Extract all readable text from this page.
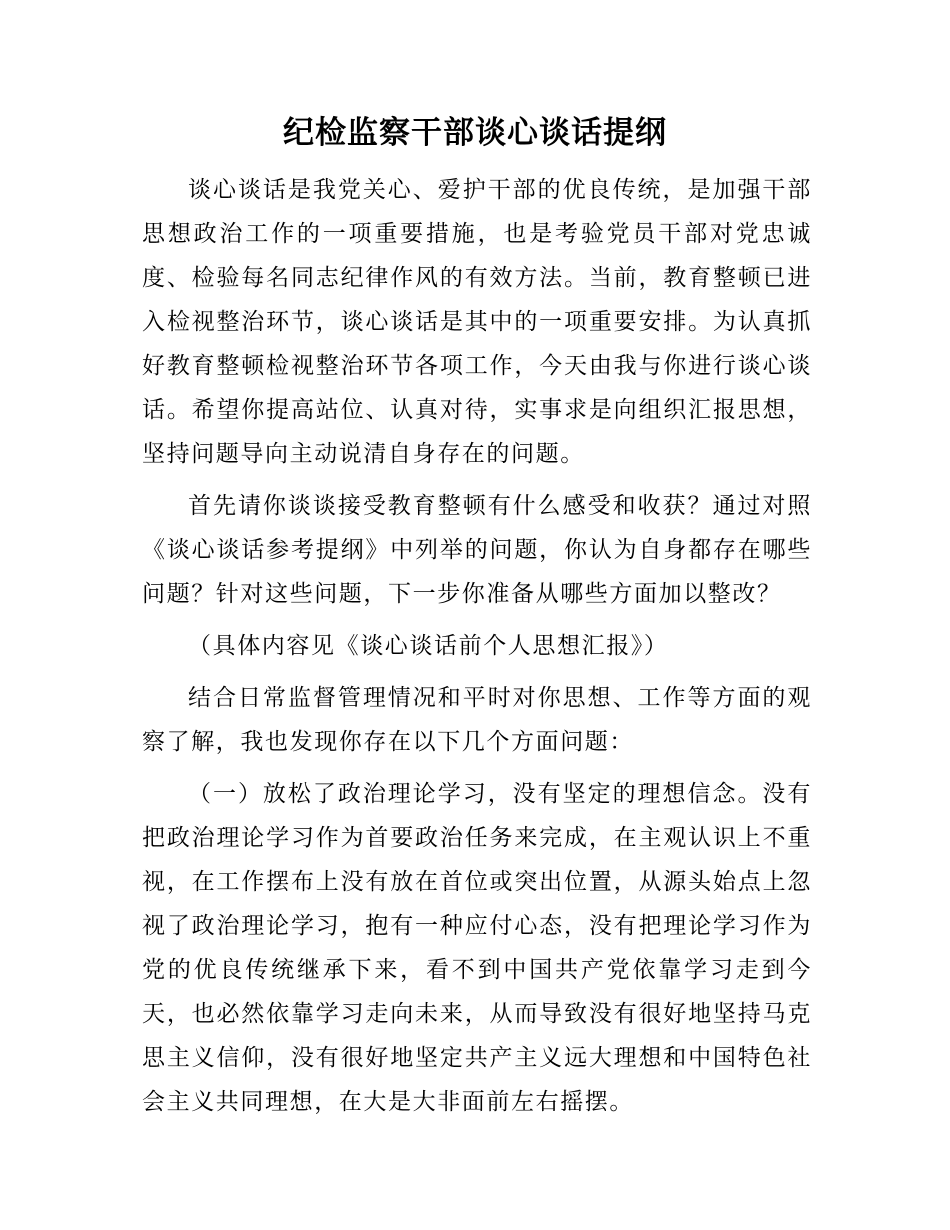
纪检监察干部谈心谈话提纲

谈心谈话是我党关心、爱护干部的优良传统，是加强干部思想政治工作的一项重要措施，也是考验党员干部对党忠诚度、检验每名同志纪律作风的有效方法。当前，教育整顿已进入检视整治环节，谈心谈话是其中的一项重要安排。为认真抓好教育整顿检视整治环节各项工作，今天由我与你进行谈心谈话。希望你提高站位、认真对待，实事求是向组织汇报思想，坚持问题导向主动说清自身存在的问题。

首先请你谈谈接受教育整顿有什么感受和收获？通过对照《谈心谈话参考提纲》中列举的问题，你认为自身都存在哪些问题？针对这些问题，下一步你准备从哪些方面加以整改？

（具体内容见《谈心谈话前个人思想汇报》）

结合日常监督管理情况和平时对你思想、工作等方面的观察了解，我也发现你存在以下几个方面问题：

（一）放松了政治理论学习，没有坚定的理想信念。没有把政治理论学习作为首要政治任务来完成，在主观认识上不重视，在工作摆布上没有放在首位或突出位置，从源头始点上忽视了政治理论学习，抱有一种应付心态，没有把理论学习作为党的优良传统继承下来，看不到中国共产党依靠学习走到今天，也必然依靠学习走向未来，从而导致没有很好地坚持马克思主义信仰，没有很好地坚定共产主义远大理想和中国特色社会主义共同理想，在大是大非面前左右摇摆。
